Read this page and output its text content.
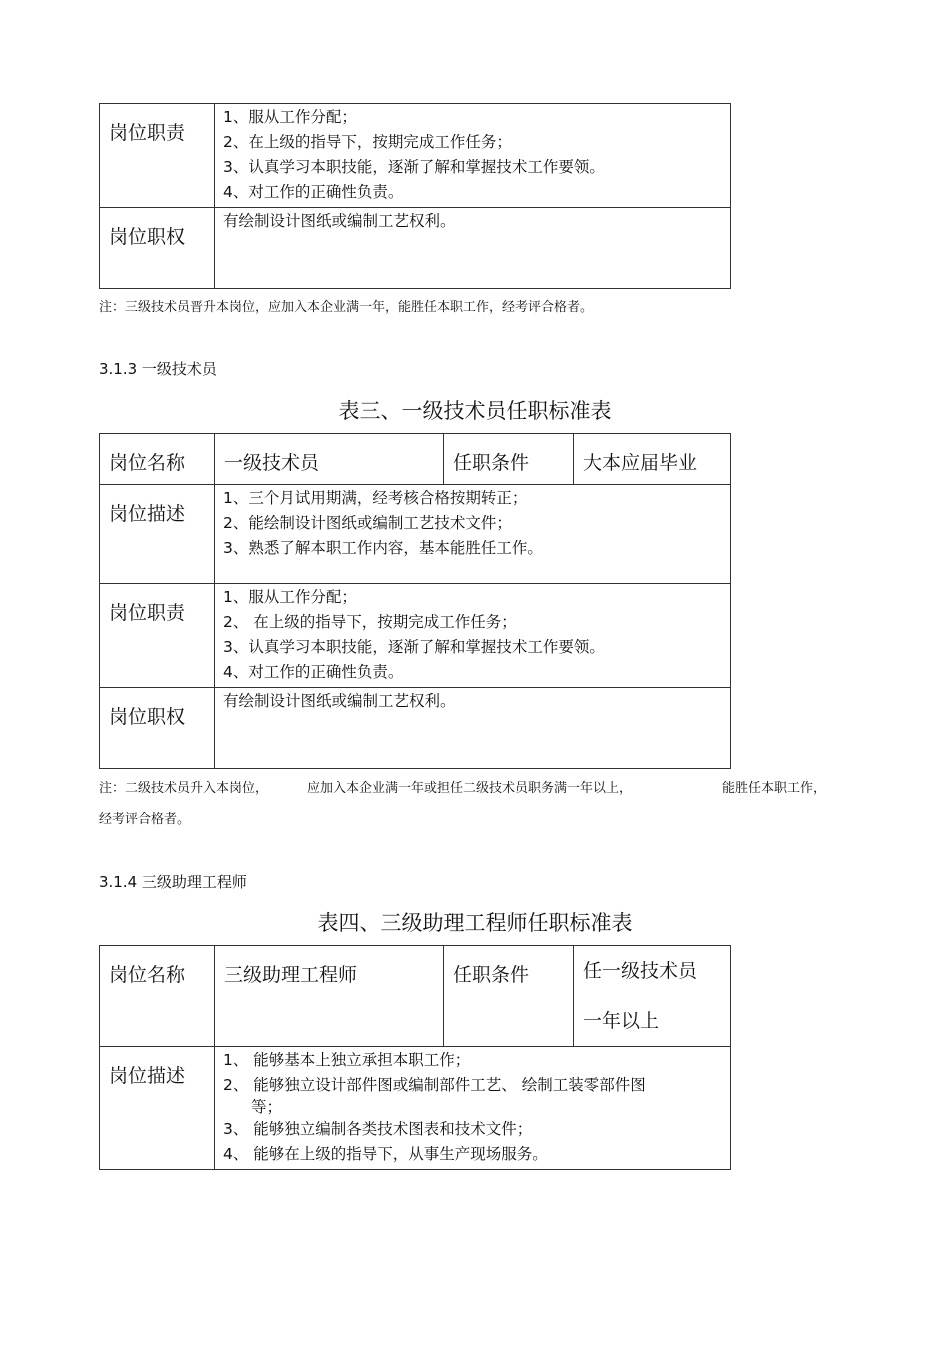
岗位职责	1、服从工作分配；
2、在上级的指导下，按期完成工作任务；
3、认真学习本职技能，逐渐了解和掌握技术工作要领。
4、对工作的正确性负责。

岗位职权	有绘制设计图纸或编制工艺权利。
注：三级技术员晋升本岗位，应加入本企业满一年，能胜任本职工作，经考评合格者。
3.1.3 一级技术员
表三、一级技术员任职标准表
岗位名称	一级技术员	任职条件	大本应届毕业
岗位描述	1、三个月试用期满，经考核合格按期转正；
2、能绘制设计图纸或编制工艺技术文件；
3、熟悉了解本职工作内容，基本能胜任工作。		

岗位职责	1、服从工作分配；
2、 在上级的指导下，按期完成工作任务；
3、认真学习本职技能，逐渐了解和掌握技术工作要领。
4、对工作的正确性负责。		

岗位职权	有绘制设计图纸或编制工艺权利。		
注：二级技术员升入本岗位，	应加入本企业满一年或担任二级技术员职务满一年以上，	能胜任本职工作，
经考评合格者。
3.1.4 三级助理工程师
表四、三级助理工程师任职标准表
岗位名称	三级助理工程师	任职条件	任一级技术员
一年以上

岗位描述	1、 能够基本上独立承担本职工作；
2、 能够独立设计部件图或编制部件工艺、 绘制工装零部件图
等；
3、 能够独立编制各类技术图表和技术文件；
4、 能够在上级的指导下，从事生产现场服务。		
